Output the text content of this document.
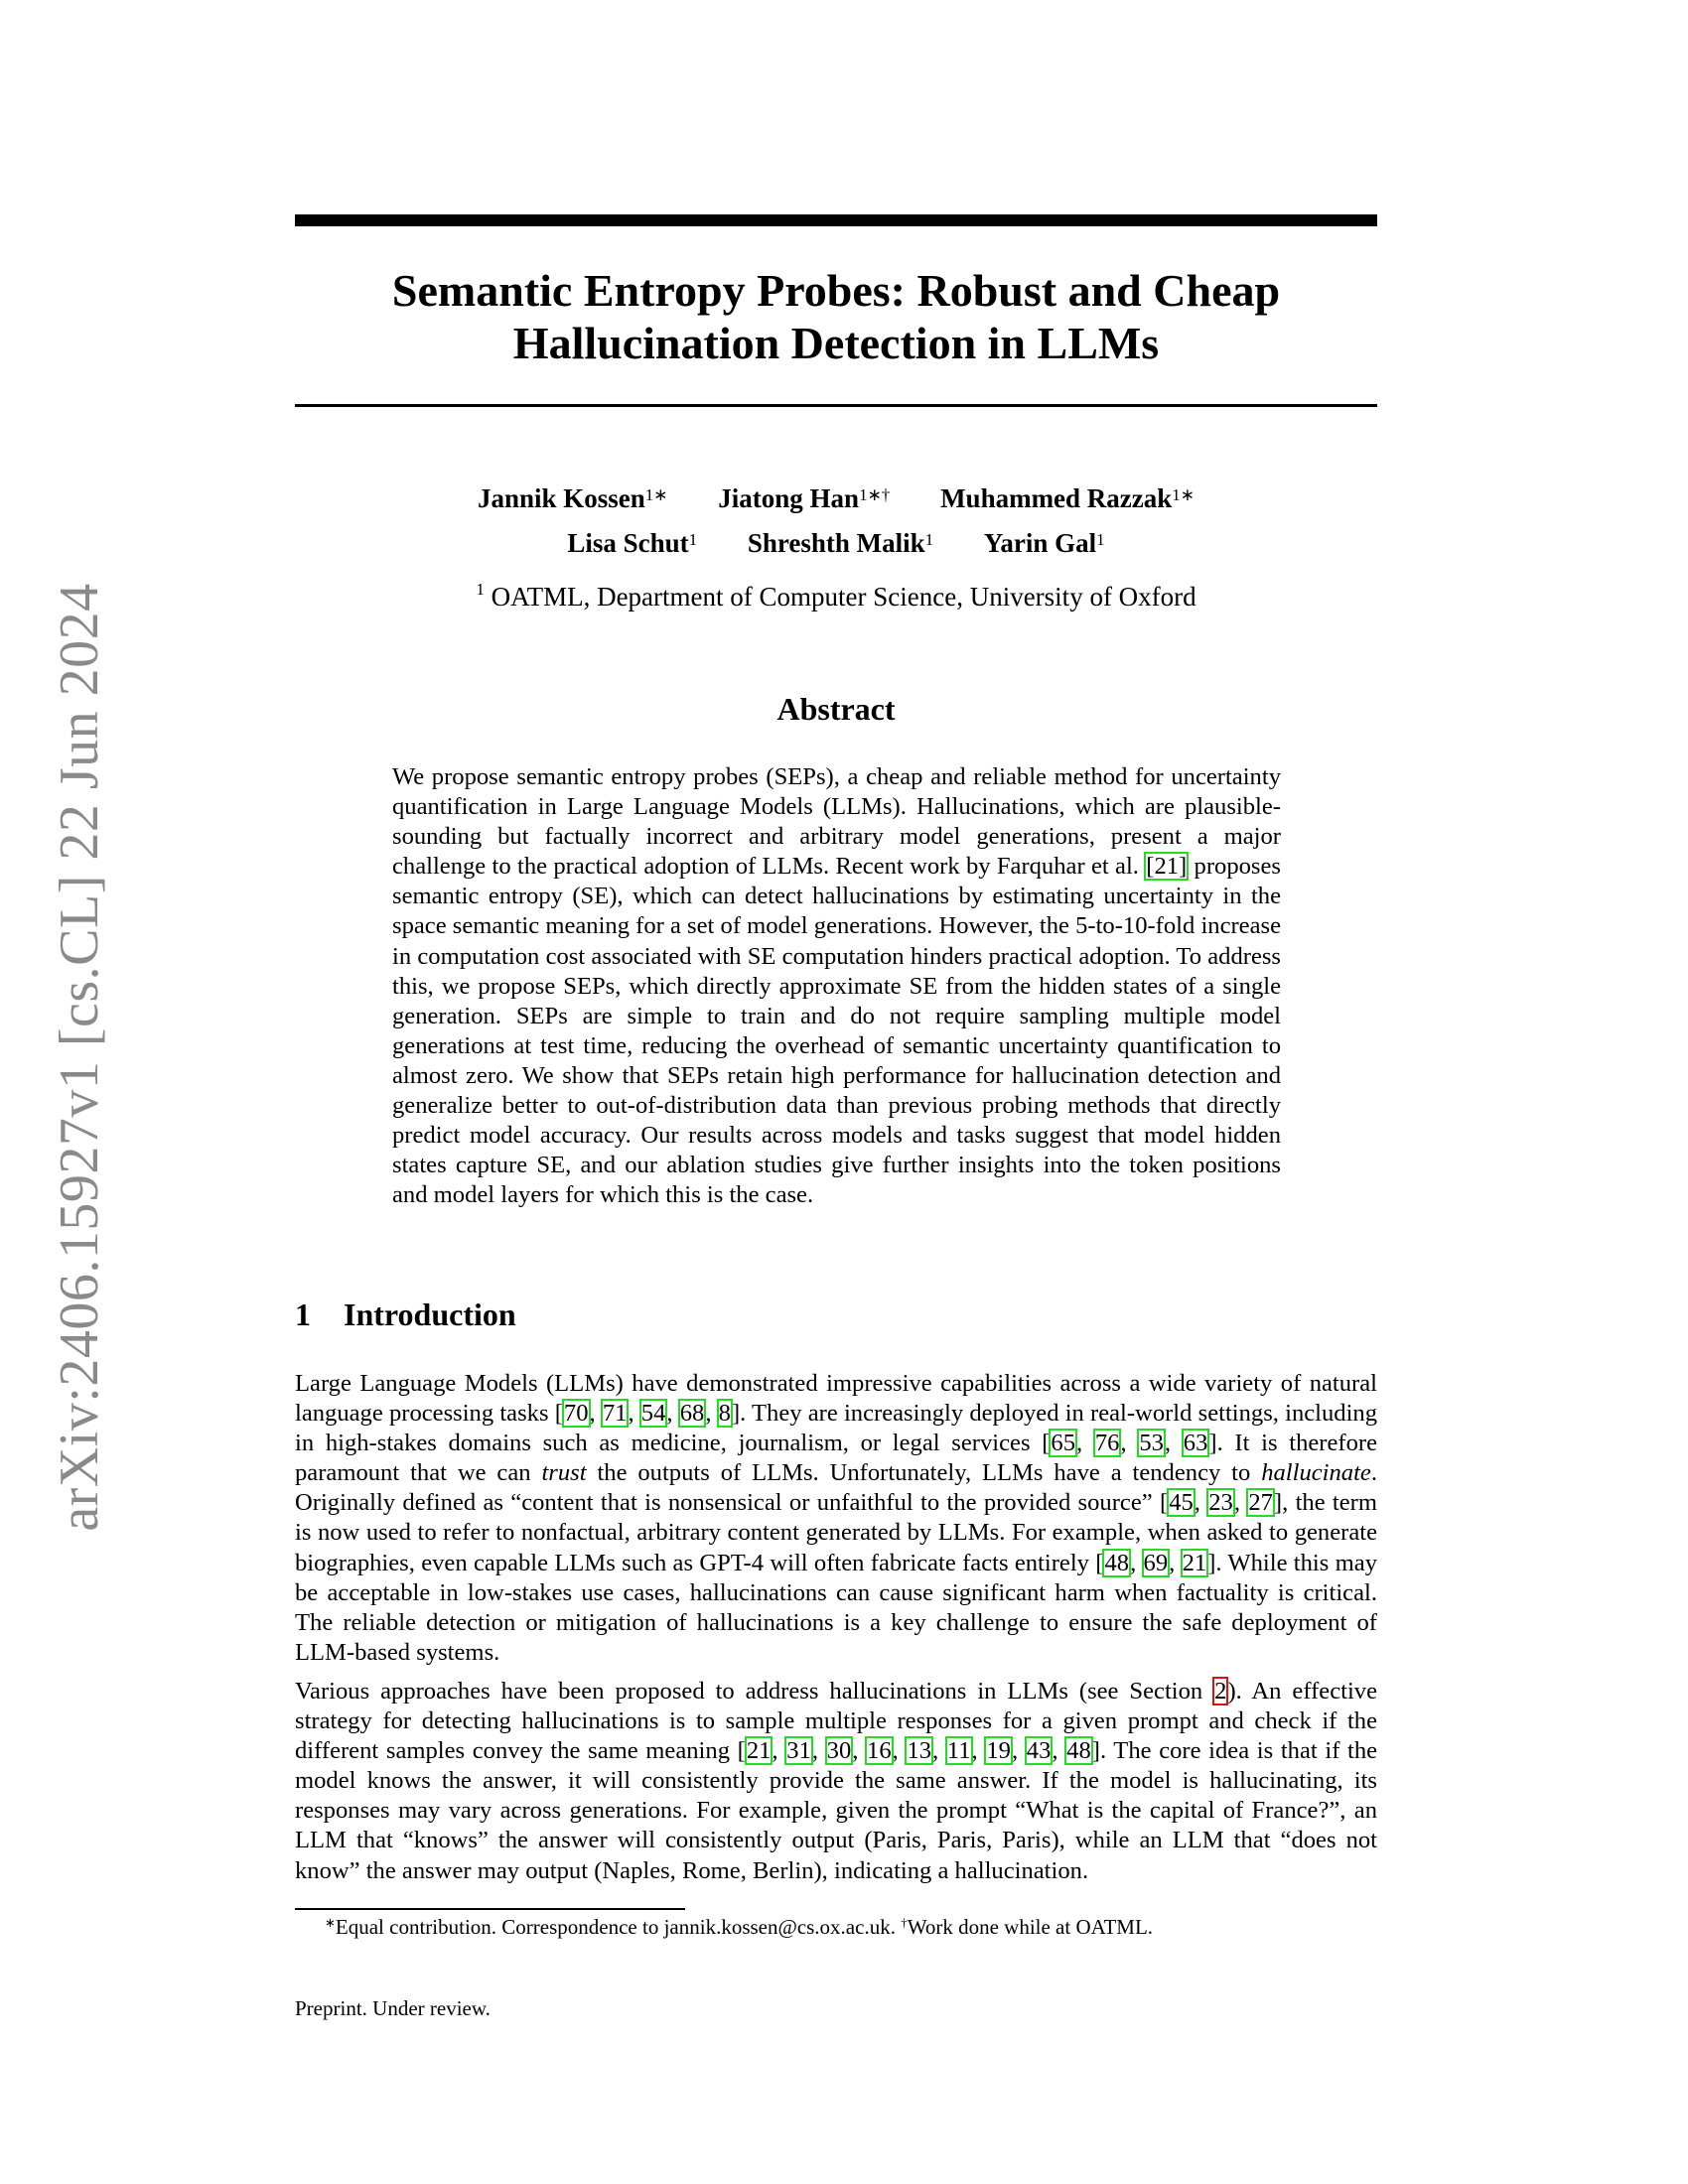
arXiv:2406.15927v1 [cs.CL] 22 Jun 2024
Semantic Entropy Probes: Robust and Cheap
Hallucination Detection in LLMs
Jannik Kossen$^{1∗}$ Jiatong Han$^{1∗\dagger}$ Muhammed Razzak$^{1∗}$
Lisa Schut$^1$ Shreshth Malik$^1$ Yarin Gal$^1$
$^1$ OATML, Department of Computer Science, University of Oxford
Abstract
We propose semantic entropy probes (SEPs), a cheap and reliable method for uncertainty quantification in Large Language Models (LLMs). Hallucinations, which are plausible-sounding but factually incorrect and arbitrary model generations, present a major challenge to the practical adoption of LLMs. Recent work by Farquhar et al. [21] proposes semantic entropy (SE), which can detect hallucinations by estimating uncertainty in the space semantic meaning for a set of model generations. However, the 5-to-10-fold increase in computation cost associated with SE computation hinders practical adoption. To address this, we propose SEPs, which directly approximate SE from the hidden states of a single generation. SEPs are simple to train and do not require sampling multiple model generations at test time, reducing the overhead of semantic uncertainty quantification to almost zero. We show that SEPs retain high performance for hallucination detection and generalize better to out-of-distribution data than previous probing methods that directly predict model accuracy. Our results across models and tasks suggest that model hidden states capture SE, and our ablation studies give further insights into the token positions and model layers for which this is the case.
1 Introduction

Large Language Models (LLMs) have demonstrated impressive capabilities across a wide variety of natural language processing tasks [70, 71, 54, 68, 8]. They are increasingly deployed in real-world settings, including in high-stakes domains such as medicine, journalism, or legal services [65, 76, 53, 63]. It is therefore paramount that we can trust the outputs of LLMs. Unfortunately, LLMs have a tendency to hallucinate. Originally defined as “content that is nonsensical or unfaithful to the provided source” [45, 23, 27], the term is now used to refer to nonfactual, arbitrary content generated by LLMs. For example, when asked to generate biographies, even capable LLMs such as GPT-4 will often fabricate facts entirely [48, 69, 21]. While this may be acceptable in low-stakes use cases, hallucinations can cause significant harm when factuality is critical. The reliable detection or mitigation of hallucinations is a key challenge to ensure the safe deployment of LLM-based systems.

Various approaches have been proposed to address hallucinations in LLMs (see Section 2). An effective strategy for detecting hallucinations is to sample multiple responses for a given prompt and check if the different samples convey the same meaning [21, 31, 30, 16, 13, 11, 19, 43, 48]. The core idea is that if the model knows the answer, it will consistently provide the same answer. If the model is hallucinating, its responses may vary across generations. For example, given the prompt “What is the capital of France?”, an LLM that “knows” the answer will consistently output (Paris, Paris, Paris), while an LLM that “does not know” the answer may output (Naples, Rome, Berlin), indicating a hallucination.

∗Equal contribution. Correspondence to jannik.kossen@cs.ox.ac.uk. †Work done while at OATML.
Preprint. Under review.
